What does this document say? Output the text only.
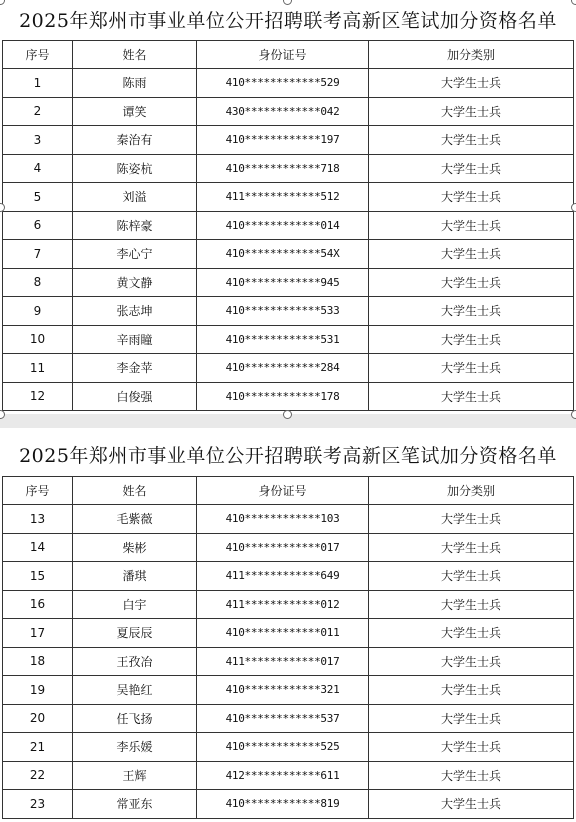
2025年郑州市事业单位公开招聘联考高新区笔试加分资格名单
序号	姓名	身份证号	加分类别
1	陈雨	410************529	大学生士兵
2	谭笑	430************042	大学生士兵
3	秦治有	410************197	大学生士兵
4	陈姿杭	410************718	大学生士兵
5	刘溢	411************512	大学生士兵
6	陈梓豪	410************014	大学生士兵
7	李心宁	410************54X	大学生士兵
8	黄文静	410************945	大学生士兵
9	张志坤	410************533	大学生士兵
10	辛雨瞳	410************531	大学生士兵
11	李金苹	410************284	大学生士兵
12	白俊强	410************178	大学生士兵
2025年郑州市事业单位公开招聘联考高新区笔试加分资格名单
序号	姓名	身份证号	加分类别
13	毛紫薇	410************103	大学生士兵
14	柴彬	410************017	大学生士兵
15	潘琪	411************649	大学生士兵
16	白宇	411************012	大学生士兵
17	夏辰辰	410************011	大学生士兵
18	王孜冶	411************017	大学生士兵
19	吴艳红	410************321	大学生士兵
20	任飞扬	410************537	大学生士兵
21	李乐媛	410************525	大学生士兵
22	王辉	412************611	大学生士兵
23	常亚东	410************819	大学生士兵
